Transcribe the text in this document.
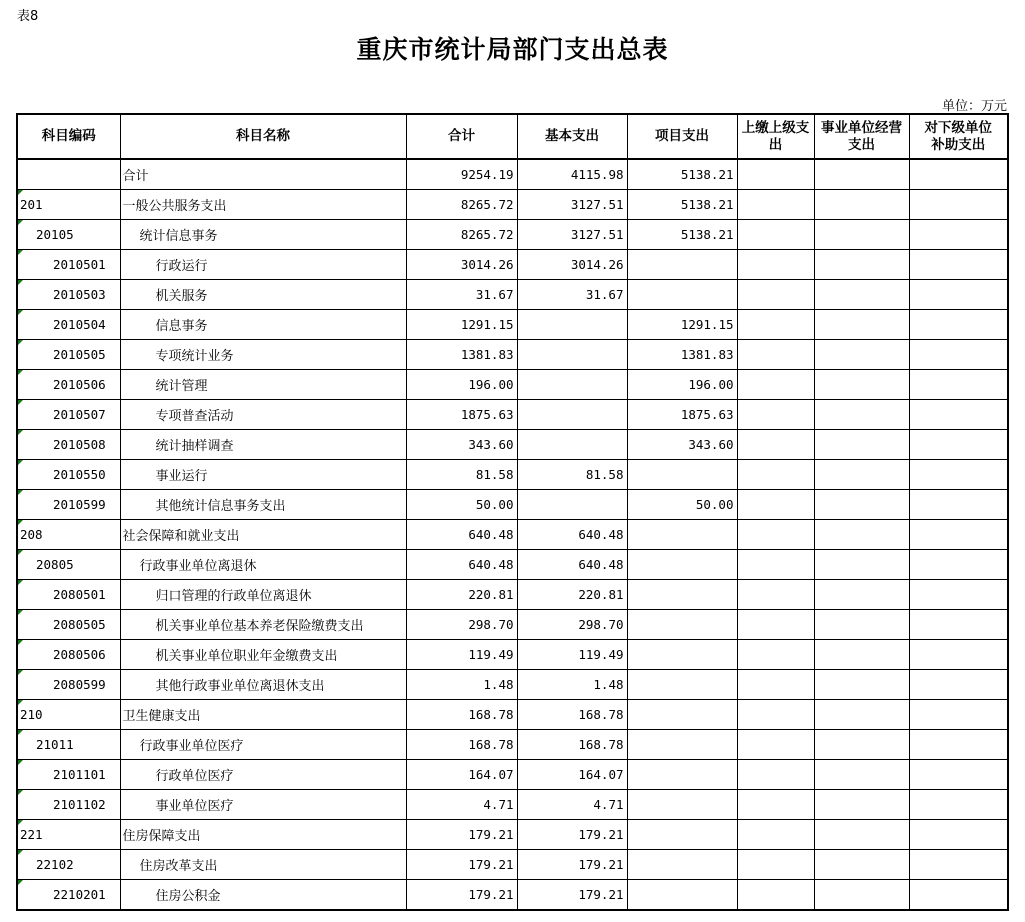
表8
重庆市统计局部门支出总表
单位：万元
科目编码	科目名称	合计	基本支出	项目支出	上缴上级支出	事业单位经营支出	对下级单位补助支出
	合计	9254.19	4115.98	5138.21			
201	一般公共服务支出	8265.72	3127.51	5138.21			
20105	统计信息事务	8265.72	3127.51	5138.21			
2010501	行政运行	3014.26	3014.26				
2010503	机关服务	31.67	31.67				
2010504	信息事务	1291.15		1291.15			
2010505	专项统计业务	1381.83		1381.83			
2010506	统计管理	196.00		196.00			
2010507	专项普查活动	1875.63		1875.63			
2010508	统计抽样调查	343.60		343.60			
2010550	事业运行	81.58	81.58				
2010599	其他统计信息事务支出	50.00		50.00			
208	社会保障和就业支出	640.48	640.48				
20805	行政事业单位离退休	640.48	640.48				
2080501	归口管理的行政单位离退休	220.81	220.81				
2080505	机关事业单位基本养老保险缴费支出	298.70	298.70				
2080506	机关事业单位职业年金缴费支出	119.49	119.49				
2080599	其他行政事业单位离退休支出	1.48	1.48				
210	卫生健康支出	168.78	168.78				
21011	行政事业单位医疗	168.78	168.78				
2101101	行政单位医疗	164.07	164.07				
2101102	事业单位医疗	4.71	4.71				
221	住房保障支出	179.21	179.21				
22102	住房改革支出	179.21	179.21				
2210201	住房公积金	179.21	179.21				
